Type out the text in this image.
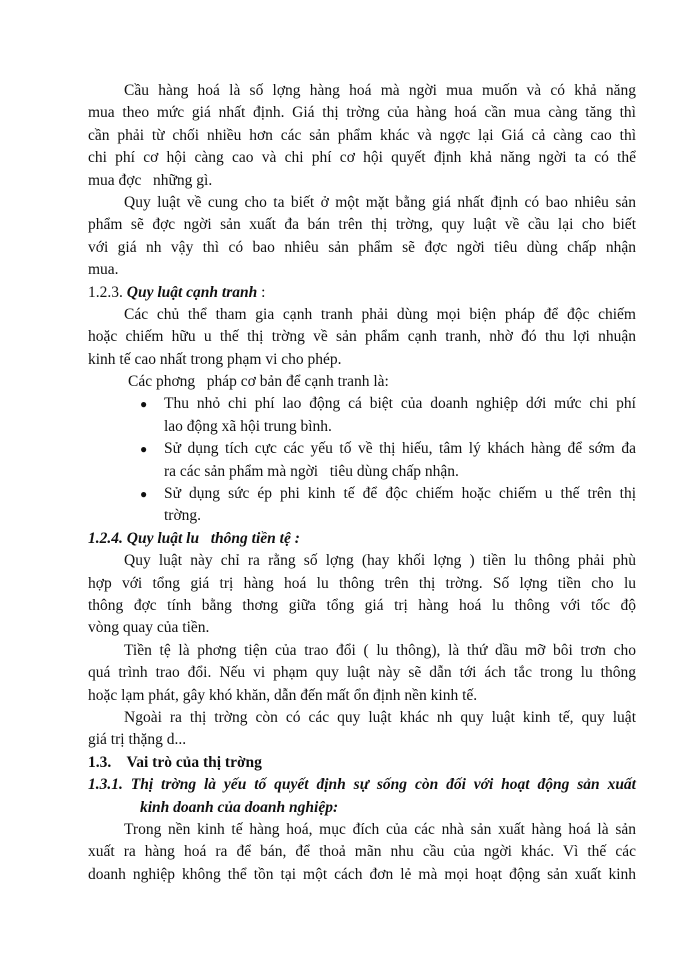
Cầu hàng hoá là số lợng hàng hoá mà ngời mua muốn và có khả năng
mua theo mức giá nhất định. Giá thị trờng của hàng hoá cần mua càng tăng thì
cần phải từ chối nhiều hơn các sản phẩm khác và ngợc lại Giá cả càng cao thì
chi phí cơ hội càng cao và chi phí cơ hội quyết định khả năng ngời ta có thể
mua đợc   những gì.
Quy luật về cung cho ta biết ở một mặt bằng giá nhất định có bao nhiêu sản
phẩm sẽ đợc ngời sản xuất đa bán trên thị trờng, quy luật về cầu lại cho biết
với giá nh vậy thì có bao nhiêu sản phẩm sẽ đợc ngời tiêu dùng chấp nhận
mua.
1.2.3. Quy luật cạnh tranh :
Các chủ thể tham gia cạnh tranh phải dùng mọi biện pháp để độc chiếm
hoặc chiếm hữu u thế thị trờng về sản phẩm cạnh tranh, nhờ đó thu lợi nhuận
kinh tế cao nhất trong phạm vi cho phép.
Các phơng   pháp cơ bản để cạnh tranh là:
● Thu nhỏ chi phí lao động cá biệt của doanh nghiệp dới mức chi phí
lao động xã hội trung bình.
● Sử dụng tích cực các yếu tố về thị hiếu, tâm lý khách hàng để sớm đa
ra các sản phẩm mà ngời   tiêu dùng chấp nhận.
● Sử dụng sức ép phi kinh tế để độc chiếm hoặc chiếm u thế trên thị
trờng.
1.2.4. Quy luật lu   thông tiền tệ :
Quy luật này chỉ ra rằng số lợng (hay khối lợng ) tiền lu thông phải phù
hợp với tổng giá trị hàng hoá lu thông trên thị trờng. Số lợng tiền cho lu
thông đợc tính bằng thơng giữa tổng giá trị hàng hoá lu thông với tốc độ
vòng quay của tiền.
Tiền tệ là phơng tiện của trao đổi ( lu thông), là thứ dầu mỡ bôi trơn cho
quá trình trao đổi. Nếu vi phạm quy luật này sẽ dẫn tới ách tắc trong lu thông
hoặc lạm phát, gây khó khăn, dẫn đến mất ổn định nền kinh tế.
Ngoài ra thị trờng còn có các quy luật khác nh quy luật kinh tế, quy luật
giá trị thặng d...
1.3.    Vai trò của thị trờng
1.3.1. Thị trờng là yếu tố quyết định sự sống còn đối với hoạt động sản xuất
kinh doanh của doanh nghiệp:
Trong nền kinh tế hàng hoá, mục đích của các nhà sản xuất hàng hoá là sản
xuất ra hàng hoá ra để bán, để thoả mãn nhu cầu của ngời khác. Vì thế các
doanh nghiệp không thể tồn tại một cách đơn lẻ mà mọi hoạt động sản xuất kinh
